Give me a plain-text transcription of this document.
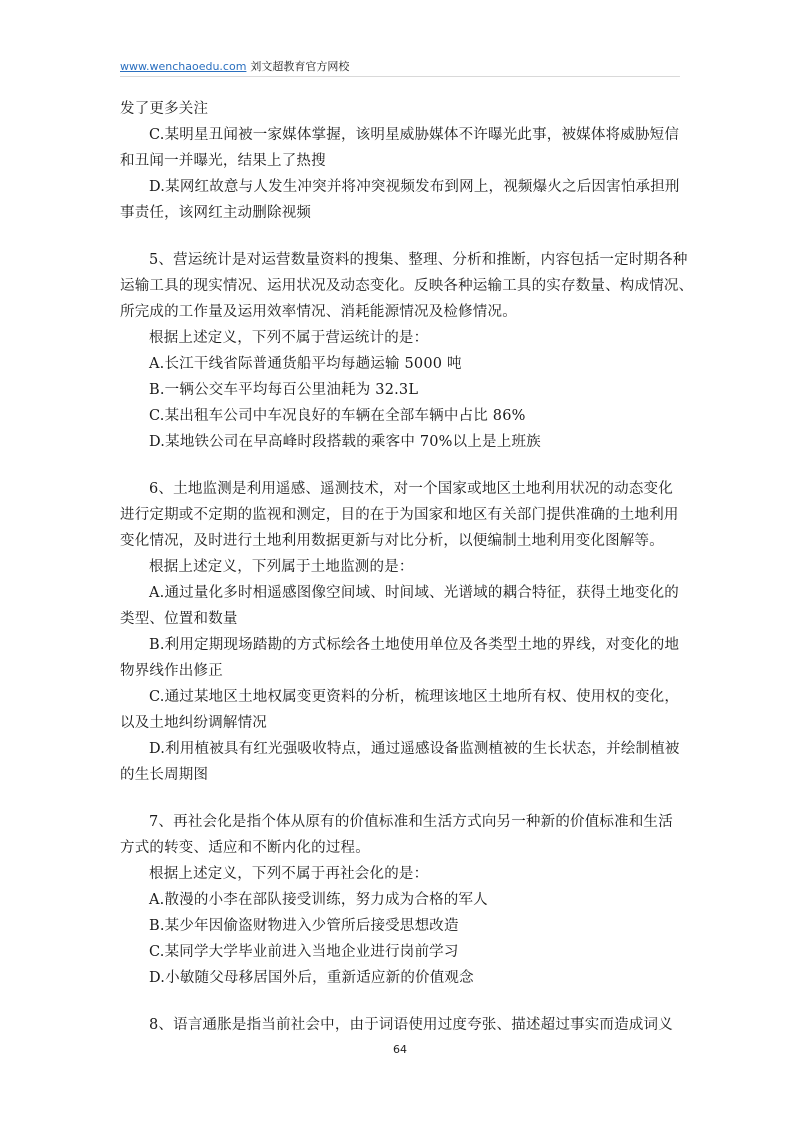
www.wenchaoedu.com 刘文超教育官方网校
发了更多关注
C.某明星丑闻被一家媒体掌握，该明星威胁媒体不许曝光此事，被媒体将威胁短信
和丑闻一并曝光，结果上了热搜
D.某网红故意与人发生冲突并将冲突视频发布到网上，视频爆火之后因害怕承担刑
事责任，该网红主动删除视频
5、营运统计是对运营数量资料的搜集、整理、分析和推断，内容包括一定时期各种
运输工具的现实情况、运用状况及动态变化。反映各种运输工具的实存数量、构成情况、
所完成的工作量及运用效率情况、消耗能源情况及检修情况。
根据上述定义，下列不属于营运统计的是：
A.长江干线省际普通货船平均每趟运输 5000 吨
B.一辆公交车平均每百公里油耗为 32.3L
C.某出租车公司中车况良好的车辆在全部车辆中占比 86%
D.某地铁公司在早高峰时段搭载的乘客中 70%以上是上班族
6、土地监测是利用遥感、遥测技术，对一个国家或地区土地利用状况的动态变化
进行定期或不定期的监视和测定，目的在于为国家和地区有关部门提供准确的土地利用
变化情况，及时进行土地利用数据更新与对比分析，以便编制土地利用变化图解等。
根据上述定义，下列属于土地监测的是：
A.通过量化多时相遥感图像空间域、时间域、光谱域的耦合特征，获得土地变化的
类型、位置和数量
B.利用定期现场踏勘的方式标绘各土地使用单位及各类型土地的界线，对变化的地
物界线作出修正
C.通过某地区土地权属变更资料的分析，梳理该地区土地所有权、使用权的变化，
以及土地纠纷调解情况
D.利用植被具有红光强吸收特点，通过遥感设备监测植被的生长状态，并绘制植被
的生长周期图
7、再社会化是指个体从原有的价值标准和生活方式向另一种新的价值标准和生活
方式的转变、适应和不断内化的过程。
根据上述定义，下列不属于再社会化的是：
A.散漫的小李在部队接受训练，努力成为合格的军人
B.某少年因偷盗财物进入少管所后接受思想改造
C.某同学大学毕业前进入当地企业进行岗前学习
D.小敏随父母移居国外后，重新适应新的价值观念
8、语言通胀是指当前社会中，由于词语使用过度夸张、描述超过事实而造成词义
64
